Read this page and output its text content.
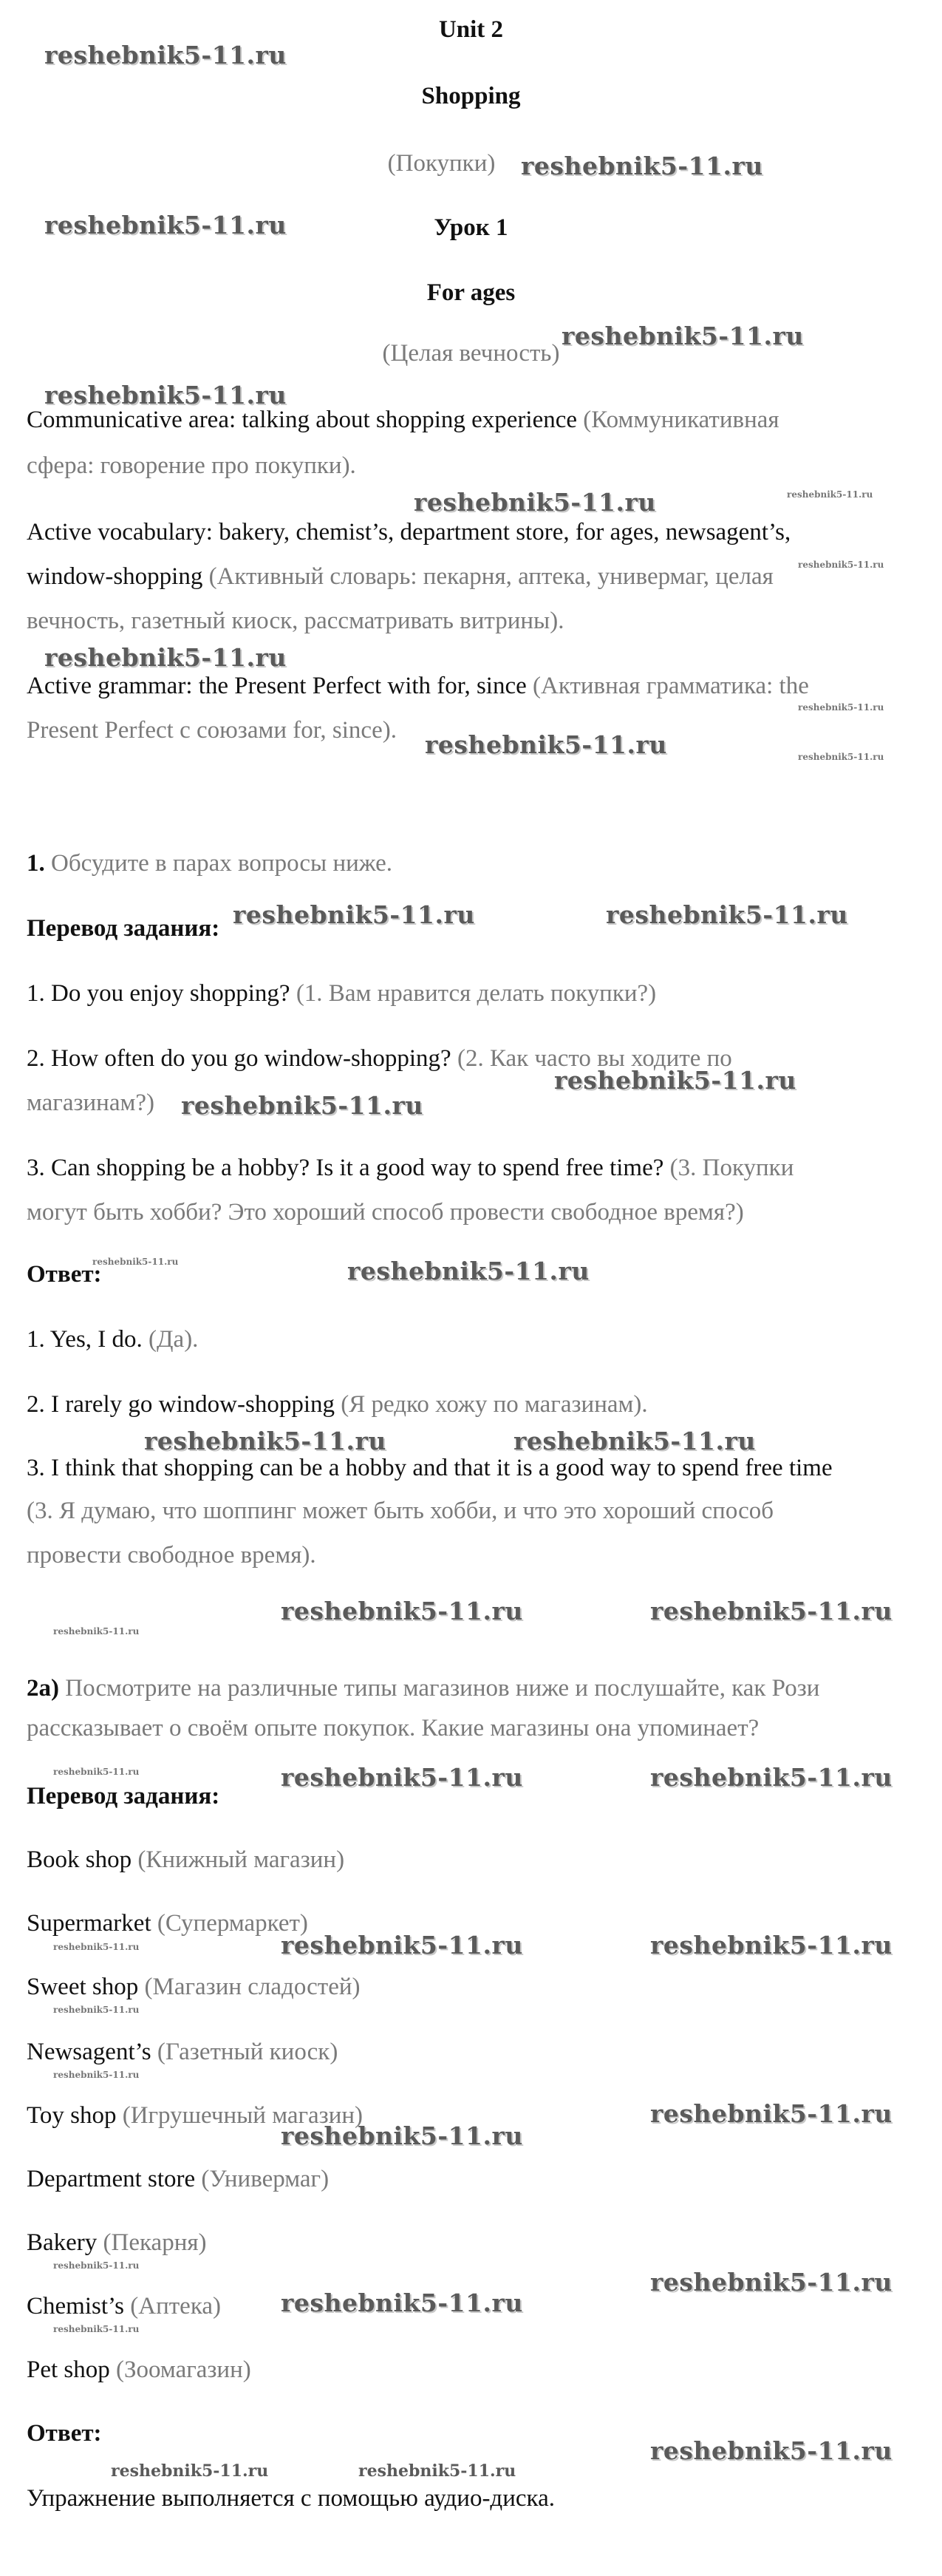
Unit 2
Shopping
(Покупки)
Урок 1
For ages
(Целая вечность)
Communicative area: talking about shopping experience (Коммуникативная
сфера: говорение про покупки).
Active vocabulary: bakery, chemist’s, department store, for ages, newsagent’s,
window-shopping (Активный словарь: пекарня, аптека, универмаг, целая
вечность, газетный киоск, рассматривать витрины).
Active grammar: the Present Perfect with for, since (Активная грамматика: the
Present Perfect с союзами for, since).
1. Обсудите в парах вопросы ниже.
Перевод задания:
1. Do you enjoy shopping? (1. Вам нравится делать покупки?)
2. How often do you go window-shopping? (2. Как часто вы ходите по
магазинам?)
3. Can shopping be a hobby? Is it a good way to spend free time? (3. Покупки
могут быть хобби? Это хороший способ провести свободное время?)
Ответ:
1. Yes, I do. (Да).
2. I rarely go window-shopping (Я редко хожу по магазинам).
3. I think that shopping can be a hobby and that it is a good way to spend free time
(3. Я думаю, что шоппинг может быть хобби, и что это хороший способ
провести свободное время).
2a) Посмотрите на различные типы магазинов ниже и послушайте, как Рози
рассказывает о своём опыте покупок. Какие магазины она упоминает?
Перевод задания:
Book shop (Книжный магазин)
Supermarket (Супермаркет)
Sweet shop (Магазин сладостей)
Newsagent’s (Газетный киоск)
Toy shop (Игрушечный магазин)
Department store (Универмаг)
Bakery (Пекарня)
Chemist’s (Аптека)
Pet shop (Зоомагазин)
Ответ:
Упражнение выполняется с помощью аудио-диска.
reshebnik5-11.ru
reshebnik5-11.ru
reshebnik5-11.ru
reshebnik5-11.ru
reshebnik5-11.ru
reshebnik5-11.ru
reshebnik5-11.ru
reshebnik5-11.ru
reshebnik5-11.ru	reshebnik5-11.ru
reshebnik5-11.ru
reshebnik5-11.ru
reshebnik5-11.ru
reshebnik5-11.ru	reshebnik5-11.ru
reshebnik5-11.ru	reshebnik5-11.ru
reshebnik5-11.ru	reshebnik5-11.ru
reshebnik5-11.ru	reshebnik5-11.ru
reshebnik5-11.ru
reshebnik5-11.ru
reshebnik5-11.ru
reshebnik5-11.ru
reshebnik5-11.ru
reshebnik5-11.ru	reshebnik5-11.ru
reshebnik5-11.ru
reshebnik5-11.ru
reshebnik5-11.ru
reshebnik5-11.ru
reshebnik5-11.ru
reshebnik5-11.ru
reshebnik5-11.ru
reshebnik5-11.ru
reshebnik5-11.ru
reshebnik5-11.ru
reshebnik5-11.ru
reshebnik5-11.ru
